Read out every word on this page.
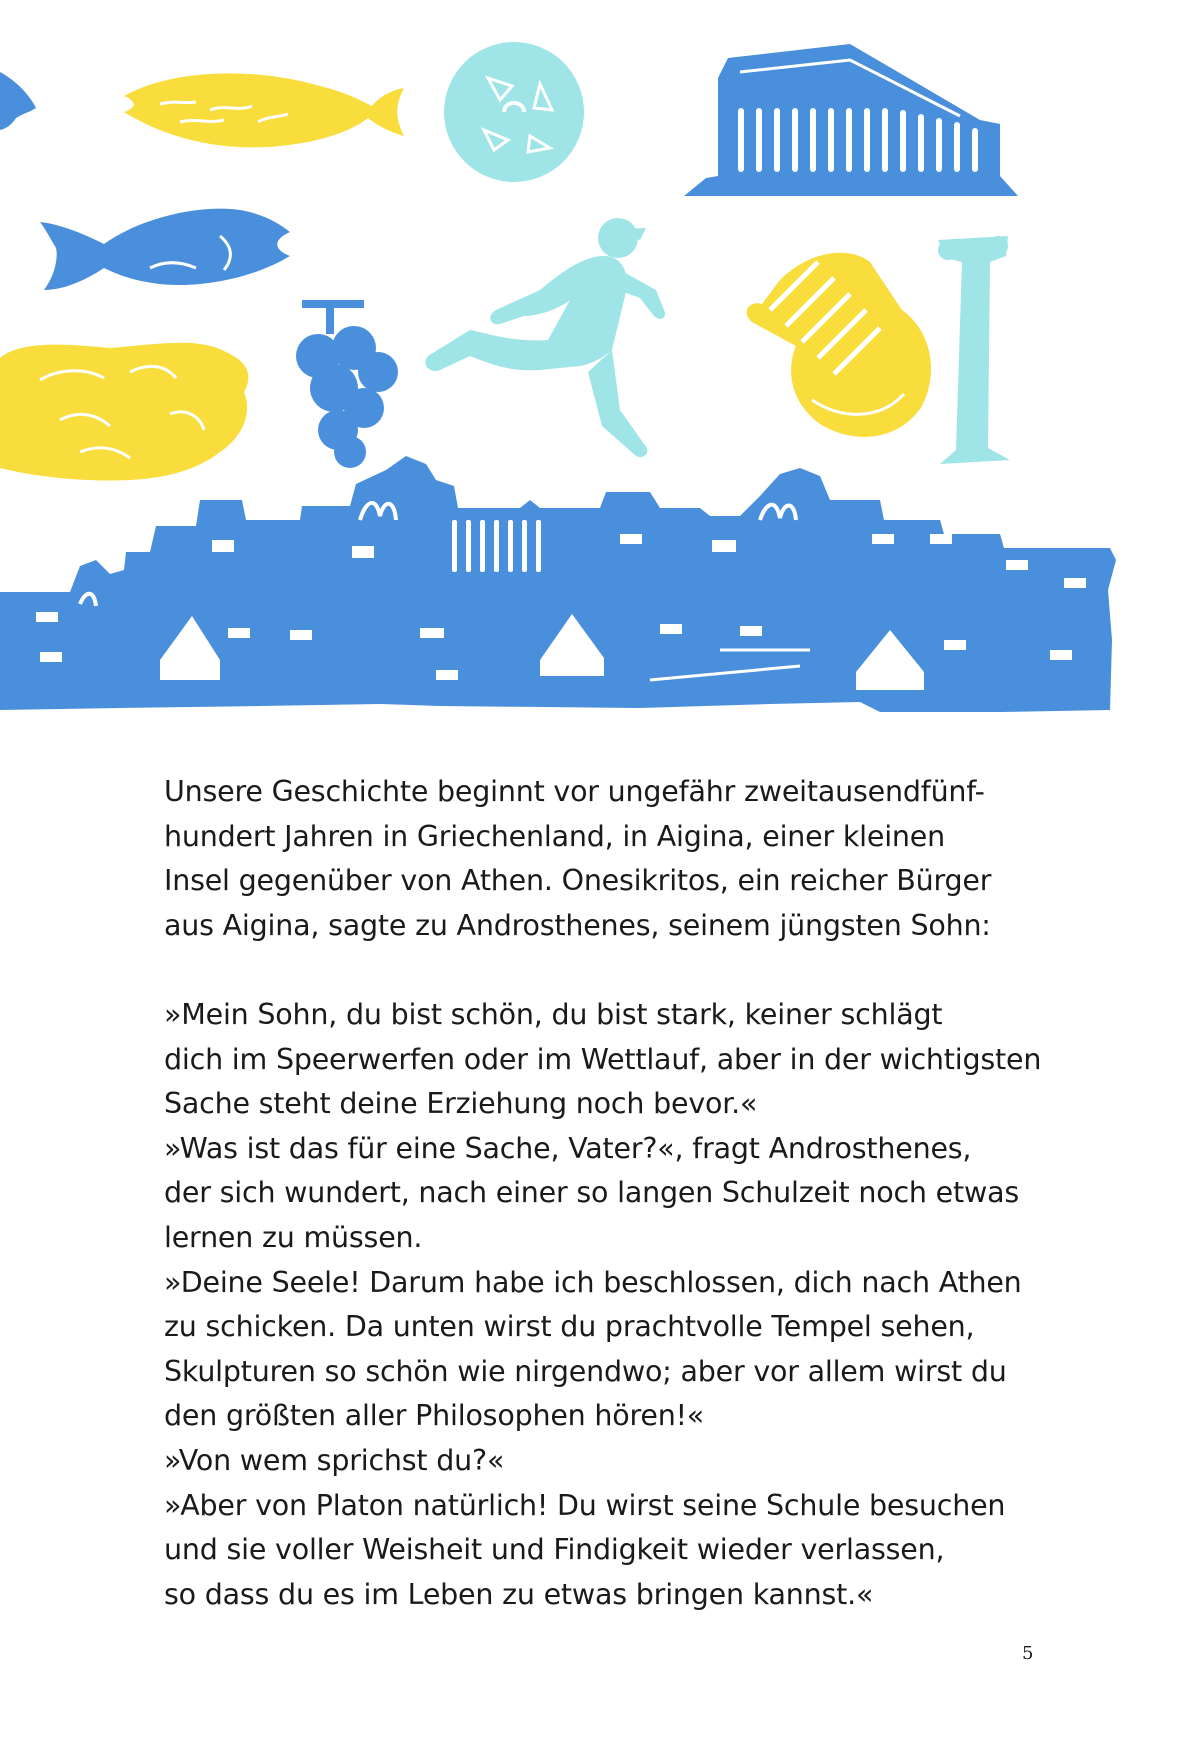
Unsere Geschichte beginnt vor ungefähr zweitausendfünf-
hundert Jahren in Griechenland, in Aigina, einer kleinen
Insel gegenüber von Athen. Onesikritos, ein reicher Bürger
aus Aigina, sagte zu Androsthenes, seinem jüngsten Sohn:
»Mein Sohn, du bist schön, du bist stark, keiner schlägt
dich im Speerwerfen oder im Wettlauf, aber in der wichtigsten
Sache steht deine Erziehung noch bevor.«
»Was ist das für eine Sache, Vater?«, fragt Androsthenes,
der sich wundert, nach einer so langen Schulzeit noch etwas
lernen zu müssen.
»Deine Seele! Darum habe ich beschlossen, dich nach Athen
zu schicken. Da unten wirst du prachtvolle Tempel sehen,
Skulpturen so schön wie nirgendwo; aber vor allem wirst du
den größten aller Philosophen hören!«
»Von wem sprichst du?«
»Aber von Platon natürlich! Du wirst seine Schule besuchen
und sie voller Weisheit und Findigkeit wieder verlassen,
so dass du es im Leben zu etwas bringen kannst.«
5
